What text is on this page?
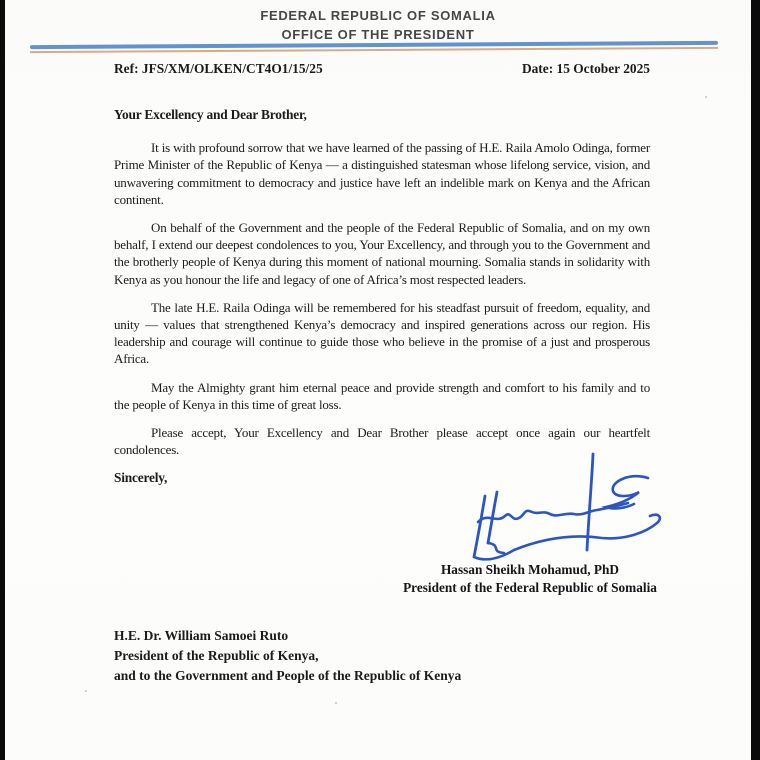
FEDERAL REPUBLIC OF SOMALIA
OFFICE OF THE PRESIDENT
Ref: JFS/XM/OLKEN/CT4O1/15/25	Date: 15 October 2025

Your Excellency and Dear Brother,

It is with profound sorrow that we have learned of the passing of H.E. Raila Amolo Odinga, former Prime Minister of the Republic of Kenya — a distinguished statesman whose lifelong service, vision, and unwavering commitment to democracy and justice have left an indelible mark on Kenya and the African continent.

On behalf of the Government and the people of the Federal Republic of Somalia, and on my own behalf, I extend our deepest condolences to you, Your Excellency, and through you to the Government and the brotherly people of Kenya during this moment of national mourning. Somalia stands in solidarity with Kenya as you honour the life and legacy of one of Africa’s most respected leaders.

The late H.E. Raila Odinga will be remembered for his steadfast pursuit of freedom, equality, and unity — values that strengthened Kenya’s democracy and inspired generations across our region. His leadership and courage will continue to guide those who believe in the promise of a just and prosperous Africa.

May the Almighty grant him eternal peace and provide strength and comfort to his family and to the people of Kenya in this time of great loss.

Please accept, Your Excellency and Dear Brother please accept once again our heartfelt condolences.

Sincerely,

Hassan Sheikh Mohamud, PhD
President of the Federal Republic of Somalia
H.E. Dr. William Samoei Ruto
President of the Republic of Kenya,
and to the Government and People of the Republic of Kenya
